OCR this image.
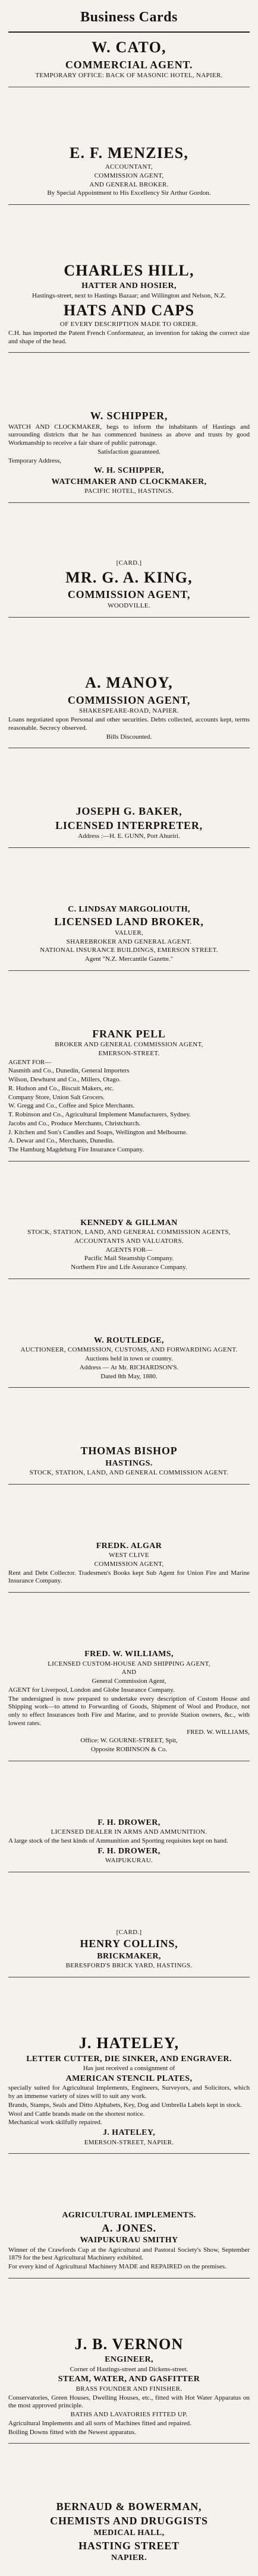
Business Cards
W. CATO,
COMMERCIAL AGENT.
TEMPORARY OFFICE: BACK OF MASONIC HOTEL, NAPIER.
E. F. MENZIES,
ACCOUNTANT,
COMMISSION AGENT,
AND GENERAL BROKER.
By Special Appointment to His Excellency Sir Arthur Gordon.
CHARLES HILL,
HATTER AND HOSIER,
Hastings-street, next to Hastings Bazaar; and Willington and Nelson, N.Z.
HATS AND CAPS
OF EVERY DESCRIPTION MADE TO ORDER.
C.H. has imported the Patent French Conformateur, an invention for taking the correct size and shape of the head.
W. SCHIPPER,
WATCH AND CLOCKMAKER, begs to inform the inhabitants of Hastings and surrounding districts that he has commenced business as above and trusts by good Workmanship to receive a fair share of public patronage.
Satisfaction guaranteed.
Temporary Address,
W. H. SCHIPPER,
WATCHMAKER AND CLOCKMAKER,
PACIFIC HOTEL, HASTINGS.
[CARD.]
MR. G. A. KING,
COMMISSION AGENT,
WOODVILLE.
A. MANOY,
COMMISSION AGENT,
SHAKESPEARE-ROAD, NAPIER.
Loans negotiated upon Personal and other securities. Debts collected, accounts kept, terms reasonable. Secrecy observed.
Bills Discounted.
JOSEPH G. BAKER,
LICENSED INTERPRETER,
Address :—H. E. GUNN, Port Ahuriri.
C. LINDSAY MARGOLIOUTH,
LICENSED LAND BROKER,
VALUER,
SHAREBROKER AND GENERAL AGENT.
NATIONAL INSURANCE BUILDINGS, EMERSON STREET.
Agent "N.Z. Mercantile Gazette."
FRANK PELL
BROKER AND GENERAL COMMISSION AGENT,
EMERSON-STREET.
AGENT FOR—
Nasmith and Co., Dunedin, General Importers
Wilson, Dewhurst and Co., Millers, Otago.
R. Hudson and Co., Biscuit Makers, etc.
Company Store, Union Salt Grocers.
W. Gregg and Co., Coffee and Spice Merchants.
T. Robinson and Co., Agricultural Implement Manufacturers, Sydney.
Jacobs and Co., Produce Merchants, Christchurch.
J. Kitchen and Son's Candles and Soaps, Wellington and Melbourne.
A. Dewar and Co., Merchants, Dunedin.
The Hamburg Magdeburg Fire Insurance Company.
KENNEDY & GILLMAN
STOCK, STATION, LAND, AND GENERAL COMMISSION AGENTS,
ACCOUNTANTS AND VALUATORS.
AGENTS FOR—
Pacific Mail Steamship Company.
Northern Fire and Life Assurance Company.
W. ROUTLEDGE,
AUCTIONEER, COMMISSION, CUSTOMS, AND FORWARDING AGENT.
Auctions held in town or country.
Address — At Mr. RICHARDSON'S.
Dated 8th May, 1880.
THOMAS BISHOP
HASTINGS.
STOCK, STATION, LAND, AND GENERAL COMMISSION AGENT.
FREDK. ALGAR
WEST CLIVE
COMMISSION AGENT,
Rent and Debt Collector. Tradesmen's Books kept Sub Agent for Union Fire and Marine Insurance Company.
FRED. W. WILLIAMS,
LICENSED CUSTOM-HOUSE AND SHIPPING AGENT,
AND
General Commission Agent,
AGENT for Liverpool, London and Globe Insurance Company.
The undersigned is now prepared to undertake every description of Custom House and Shipping work—to attend to Forwarding of Goods, Shipment of Wool and Produce, not only to effect Insurances both Fire and Marine, and to provide Station owners, &c., with lowest rates.
FRED. W. WILLIAMS,
Office: W. GOURNE-STREET, Spit,
Opposite ROBINSON & Co.
F. H. DROWER,
LICENSED DEALER IN ARMS AND AMMUNITION.
A large stock of the best kinds of Ammunition and Sporting requisites kept on hand.
F. H. DROWER,
WAIPUKURAU.
[CARD.]
HENRY COLLINS,
BRICKMAKER,
BERESFORD'S BRICK YARD, HASTINGS.
J. HATELEY,
LETTER CUTTER, DIE SINKER, AND ENGRAVER.
Has just received a consignment of
AMERICAN STENCIL PLATES,
specially suited for Agricultural Implements, Engineers, Surveyors, and Solicitors, which by an immense variety of sizes will to suit any work.
Brands, Stamps, Seals and Ditto Alphabets, Key, Dog and Umbrella Labels kept in stock.
Wool and Cattle brands made on the shortest notice.
Mechanical work skilfully repaired.
J. HATELEY,
EMERSON-STREET, NAPIER.
AGRICULTURAL IMPLEMENTS.
A. JONES.
WAIPUKURAU SMITHY
Winner of the Crawfords Cup at the Agricultural and Pastoral Society's Show, September 1879 for the best Agricultural Machinery exhibited.
For every kind of Agricultural Machinery MADE and REPAIRED on the premises.
J. B. VERNON
ENGINEER,
Corner of Hastings-street and Dickens-street.
STEAM, WATER, AND GASFITTER
BRASS FOUNDER AND FINISHER.
Conservatories, Green Houses, Dwelling Houses, etc., fitted with Hot Water Apparatus on the most approved principle.
BATHS AND LAVATORIES FITTED UP.
Agricultural Implements and all sorts of Machines fitted and repaired.
Boiling Downs fitted with the Newest apparatus.
BERNAUD & BOWERMAN,
CHEMISTS AND DRUGGISTS
MEDICAL HALL,
HASTING STREET
NAPIER.
